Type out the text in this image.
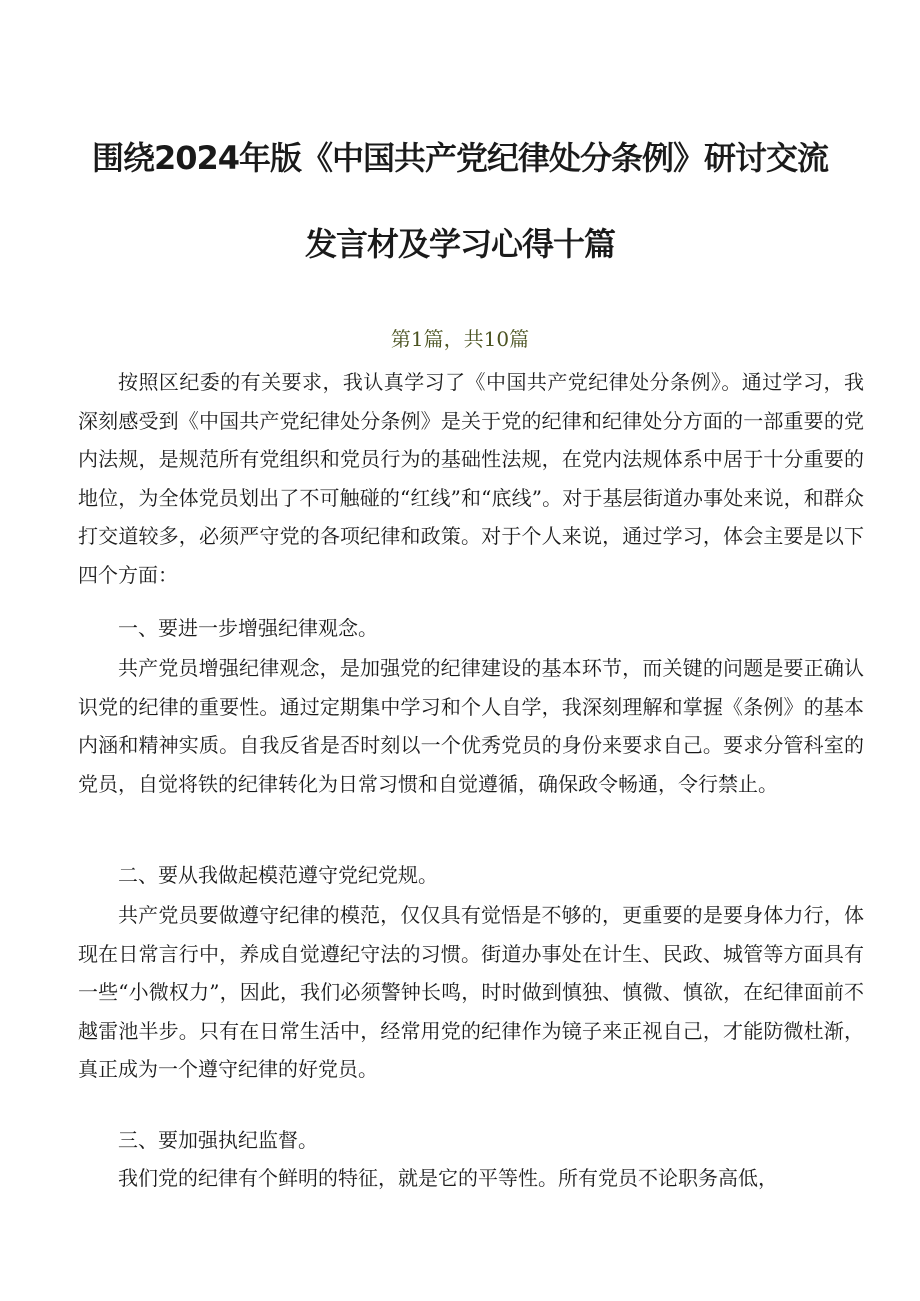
围绕2024年版《中国共产党纪律处分条例》研讨交流
发言材及学习心得十篇
第1篇，共10篇

按照区纪委的有关要求，我认真学习了《中国共产党纪律处分条例》。通过学习，我深刻感受到《中国共产党纪律处分条例》是关于党的纪律和纪律处分方面的一部重要的党内法规，是规范所有党组织和党员行为的基础性法规，在党内法规体系中居于十分重要的地位，为全体党员划出了不可触碰的“红线”和“底线”。对于基层街道办事处来说，和群众打交道较多，必须严守党的各项纪律和政策。对于个人来说，通过学习，体会主要是以下四个方面：

一、要进一步增强纪律观念。

共产党员增强纪律观念，是加强党的纪律建设的基本环节，而关键的问题是要正确认识党的纪律的重要性。通过定期集中学习和个人自学，我深刻理解和掌握《条例》的基本内涵和精神实质。自我反省是否时刻以一个优秀党员的身份来要求自己。要求分管科室的党员，自觉将铁的纪律转化为日常习惯和自觉遵循，确保政令畅通，令行禁止。

二、要从我做起模范遵守党纪党规。

共产党员要做遵守纪律的模范，仅仅具有觉悟是不够的，更重要的是要身体力行，体现在日常言行中，养成自觉遵纪守法的习惯。街道办事处在计生、民政、城管等方面具有一些“小微权力”，因此，我们必须警钟长鸣，时时做到慎独、慎微、慎欲，在纪律面前不越雷池半步。只有在日常生活中，经常用党的纪律作为镜子来正视自己，才能防微杜渐，真正成为一个遵守纪律的好党员。

三、要加强执纪监督。

我们党的纪律有个鲜明的特征，就是它的平等性。所有党员不论职务高低，
